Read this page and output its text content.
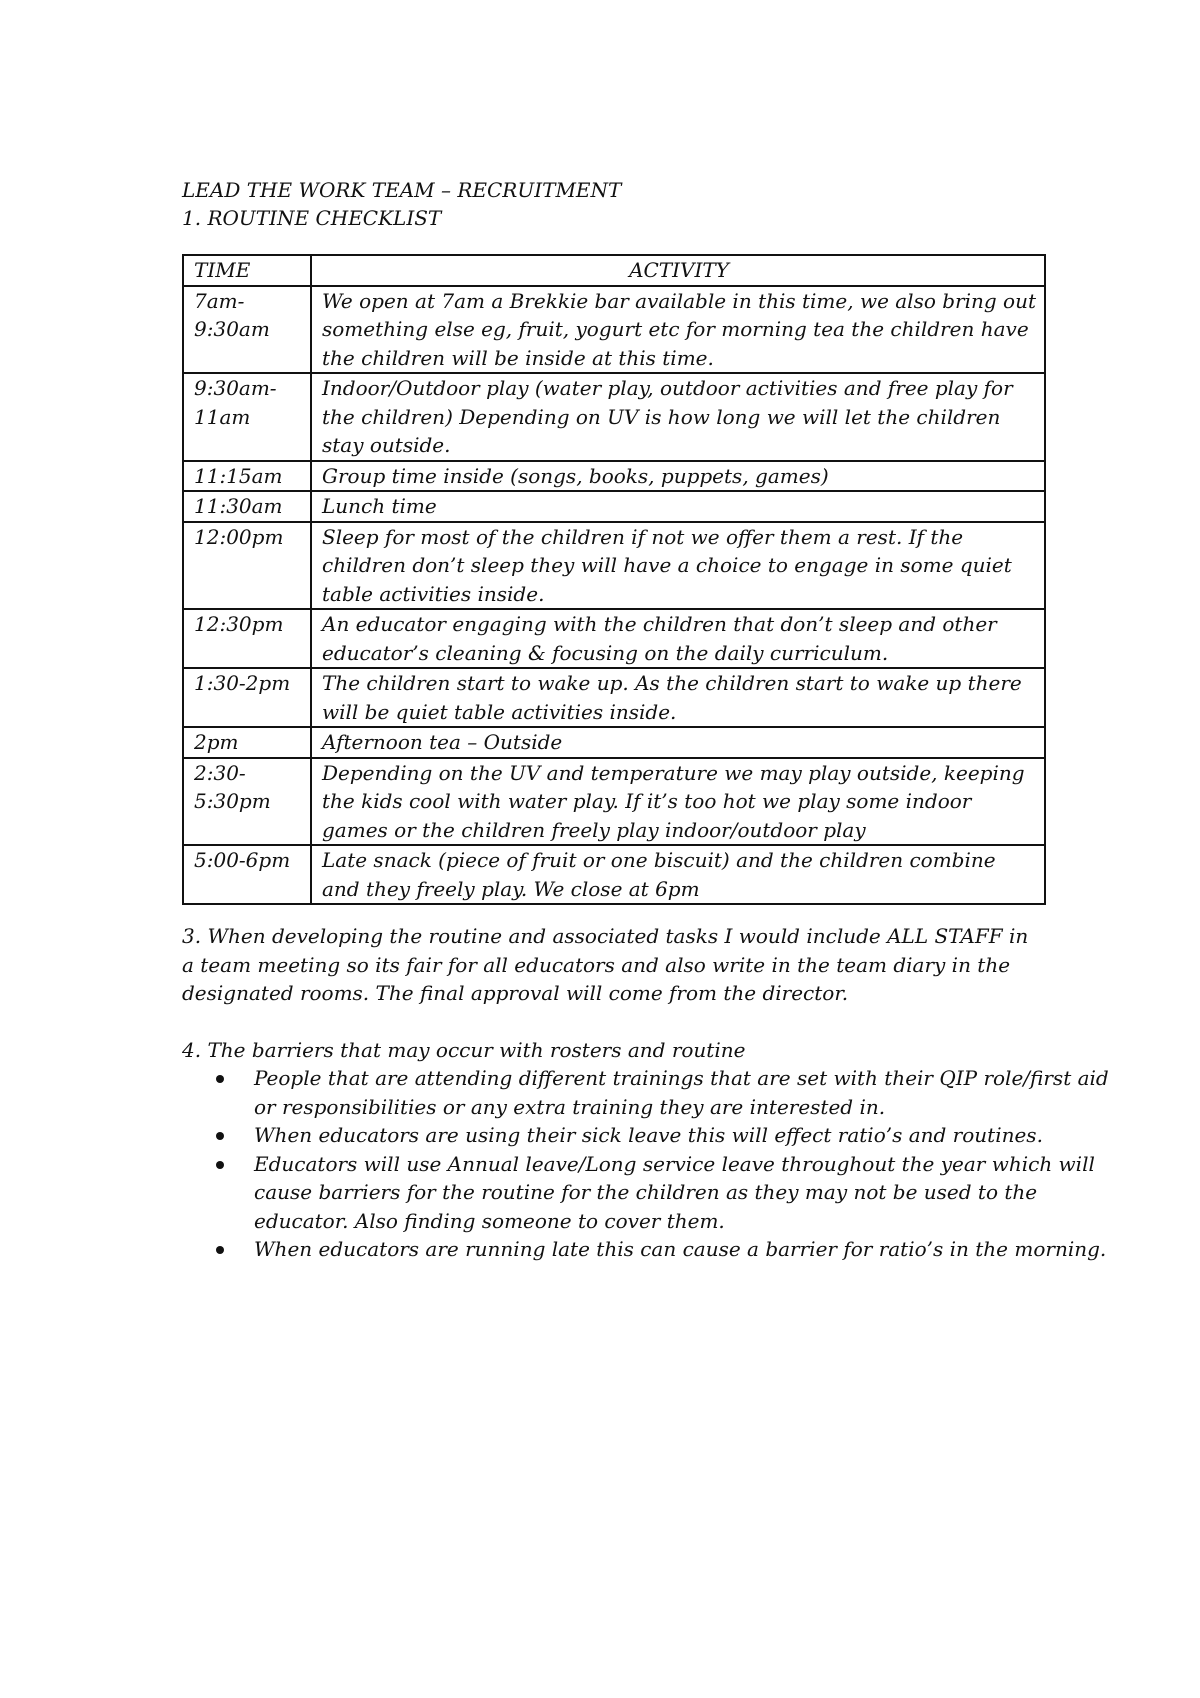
LEAD THE WORK TEAM – RECRUITMENT

1. ROUTINE CHECKLIST

TIME	ACTIVITY
7am-9:30am	We open at 7am a Brekkie bar available in this time, we also bring out something else eg, fruit, yogurt etc for morning tea the children have the children will be inside at this time.
9:30am-11am	Indoor/Outdoor play (water play, outdoor activities and free play for the children) Depending on UV is how long we will let the children stay outside.
11:15am	Group time inside (songs, books, puppets, games)
11:30am	Lunch time
12:00pm	Sleep for most of the children if not we offer them a rest. If the children don’t sleep they will have a choice to engage in some quiet table activities inside.
12:30pm	An educator engaging with the children that don’t sleep and other educator’s cleaning & focusing on the daily curriculum.
1:30-2pm	The children start to wake up. As the children start to wake up there will be quiet table activities inside.
2pm	Afternoon tea – Outside
2:30-5:30pm	Depending on the UV and temperature we may play outside, keeping the kids cool with water play. If it’s too hot we play some indoor games or the children freely play indoor/outdoor play
5:00-6pm	Late snack (piece of fruit or one biscuit) and the children combine and they freely play. We close at 6pm

3. When developing the routine and associated tasks I would include ALL STAFF in a team meeting so its fair for all educators and also write in the team diary in the designated rooms. The final approval will come from the director.

4. The barriers that may occur with rosters and routine

People that are attending different trainings that are set with their QIP role/first aid or responsibilities or any extra training they are interested in.
When educators are using their sick leave this will effect ratio’s and routines.
Educators will use Annual leave/Long service leave throughout the year which will cause barriers for the routine for the children as they may not be used to the educator. Also finding someone to cover them.
When educators are running late this can cause a barrier for ratio’s in the morning.
